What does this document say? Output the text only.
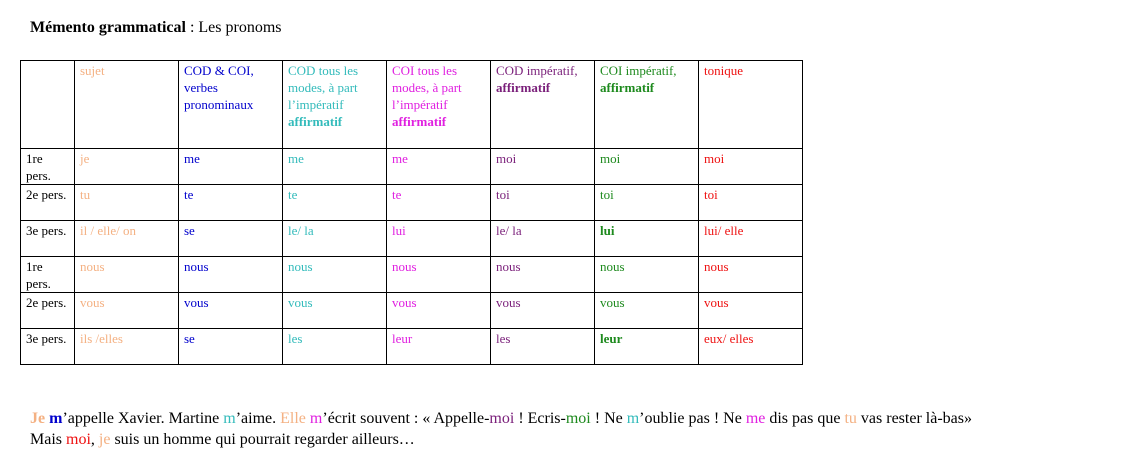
Mémento grammatical : Les pronoms
	sujet	COD & COI, verbes pronominaux	COD tous les modes, à part l’impératif affirmatif	COI tous les modes, à part l’impératif affirmatif	COD impératif, affirmatif	COI impératif, affirmatif	tonique
1re pers.	je	me	me	me	moi	moi	moi
2e pers.	tu	te	te	te	toi	toi	toi
3e pers.	il / elle/ on	se	le/ la	lui	le/ la	lui	lui/ elle
1re pers.	nous	nous	nous	nous	nous	nous	nous
2e pers.	vous	vous	vous	vous	vous	vous	vous
3e pers.	ils /elles	se	les	leur	les	leur	eux/ elles
Je m’appelle Xavier. Martine m’aime. Elle m’écrit souvent : « Appelle-moi ! Ecris-moi ! Ne m’oublie pas ! Ne me dis pas que tu vas rester là-bas»
Mais moi, je suis un homme qui pourrait regarder ailleurs…
